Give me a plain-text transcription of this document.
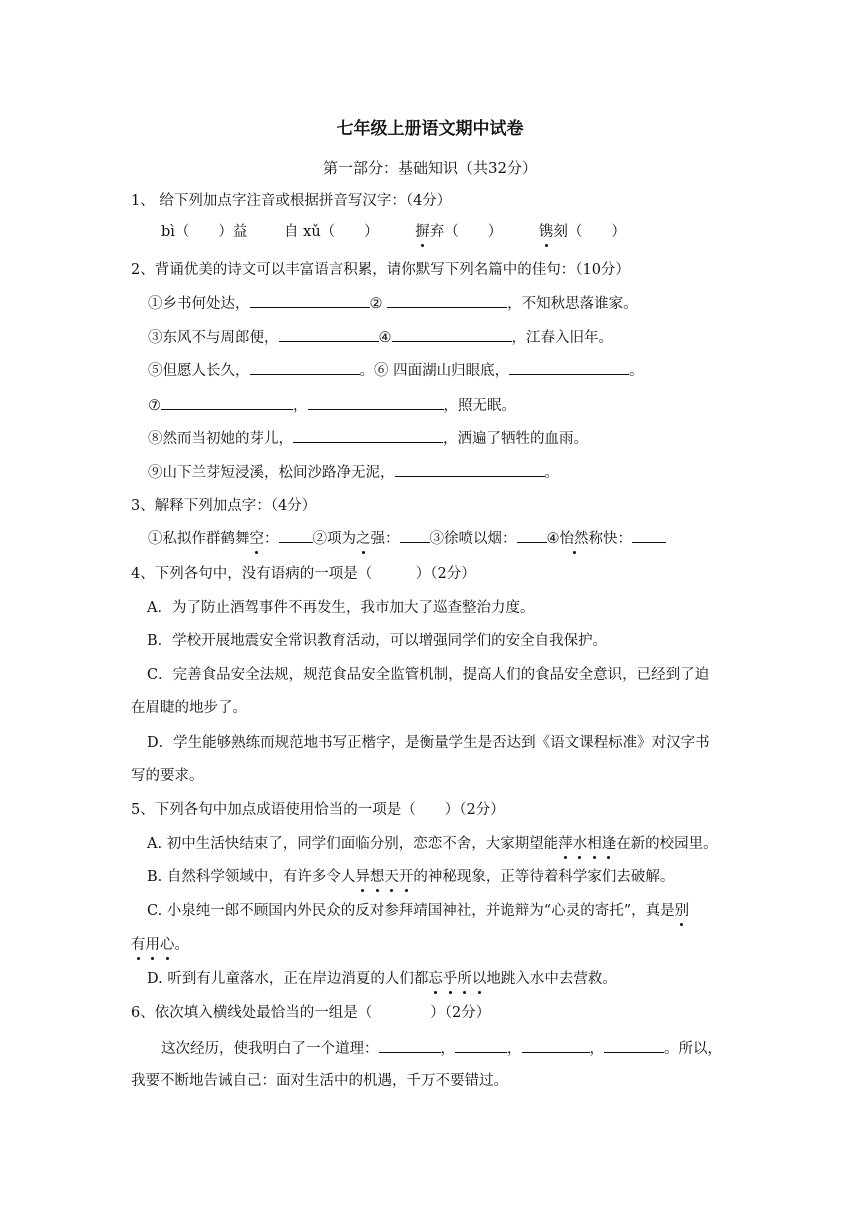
七年级上册语文期中试卷
第一部分：基础知识（共32分）
1、 给下列加点字注音或根据拼音写汉字：（4分）
bì（　　）益	自 xǔ（　　）	摒弃（　　）	镌刻（　　）
2、背诵优美的诗文可以丰富语言积累，请你默写下列名篇中的佳句：（10分）
①乡书何处达，	②	，不知秋思落谁家。
③东风不与周郎便，	④	，江春入旧年。
⑤但愿人长久，	。⑥ 四面湖山归眼底，	。
⑦	，	，照无眠。
⑧然而当初她的芽儿，	，洒遍了牺牲的血雨。
⑨山下兰芽短浸溪，松间沙路净无泥，	。
3、解释下列加点字：（4分）
①私拟作群鹤舞空： ②项为之强： ③徐喷以烟： ④怡然称快：
4、下列各句中，没有语病的一项是（　　　）（2分）
A．为了防止酒驾事件不再发生，我市加大了巡查整治力度。
B．学校开展地震安全常识教育活动，可以增强同学们的安全自我保护。
C．完善食品安全法规，规范食品安全监管机制，提高人们的食品安全意识，已经到了迫
在眉睫的地步了。
D．学生能够熟练而规范地书写正楷字，是衡量学生是否达到《语文课程标准》对汉字书
写的要求。
5、下列各句中加点成语使用恰当的一项是（　　）（2分）
A. 初中生活快结束了，同学们面临分别，恋恋不舍，大家期望能萍水相逢在新的校园里。
B. 自然科学领域中，有许多令人异想天开的神秘现象，正等待着科学家们去破解。
C. 小泉纯一郎不顾国内外民众的反对参拜靖国神社，并诡辩为“心灵的寄托”，真是别
有用心。
D. 听到有儿童落水，正在岸边消夏的人们都忘乎所以地跳入水中去营救。
6、依次填入横线处最恰当的一组是（　　　　）（2分）
这次经历，使我明白了一个道理：	，	，	，	。所以，
我要不断地告诫自己：面对生活中的机遇，千万不要错过。
